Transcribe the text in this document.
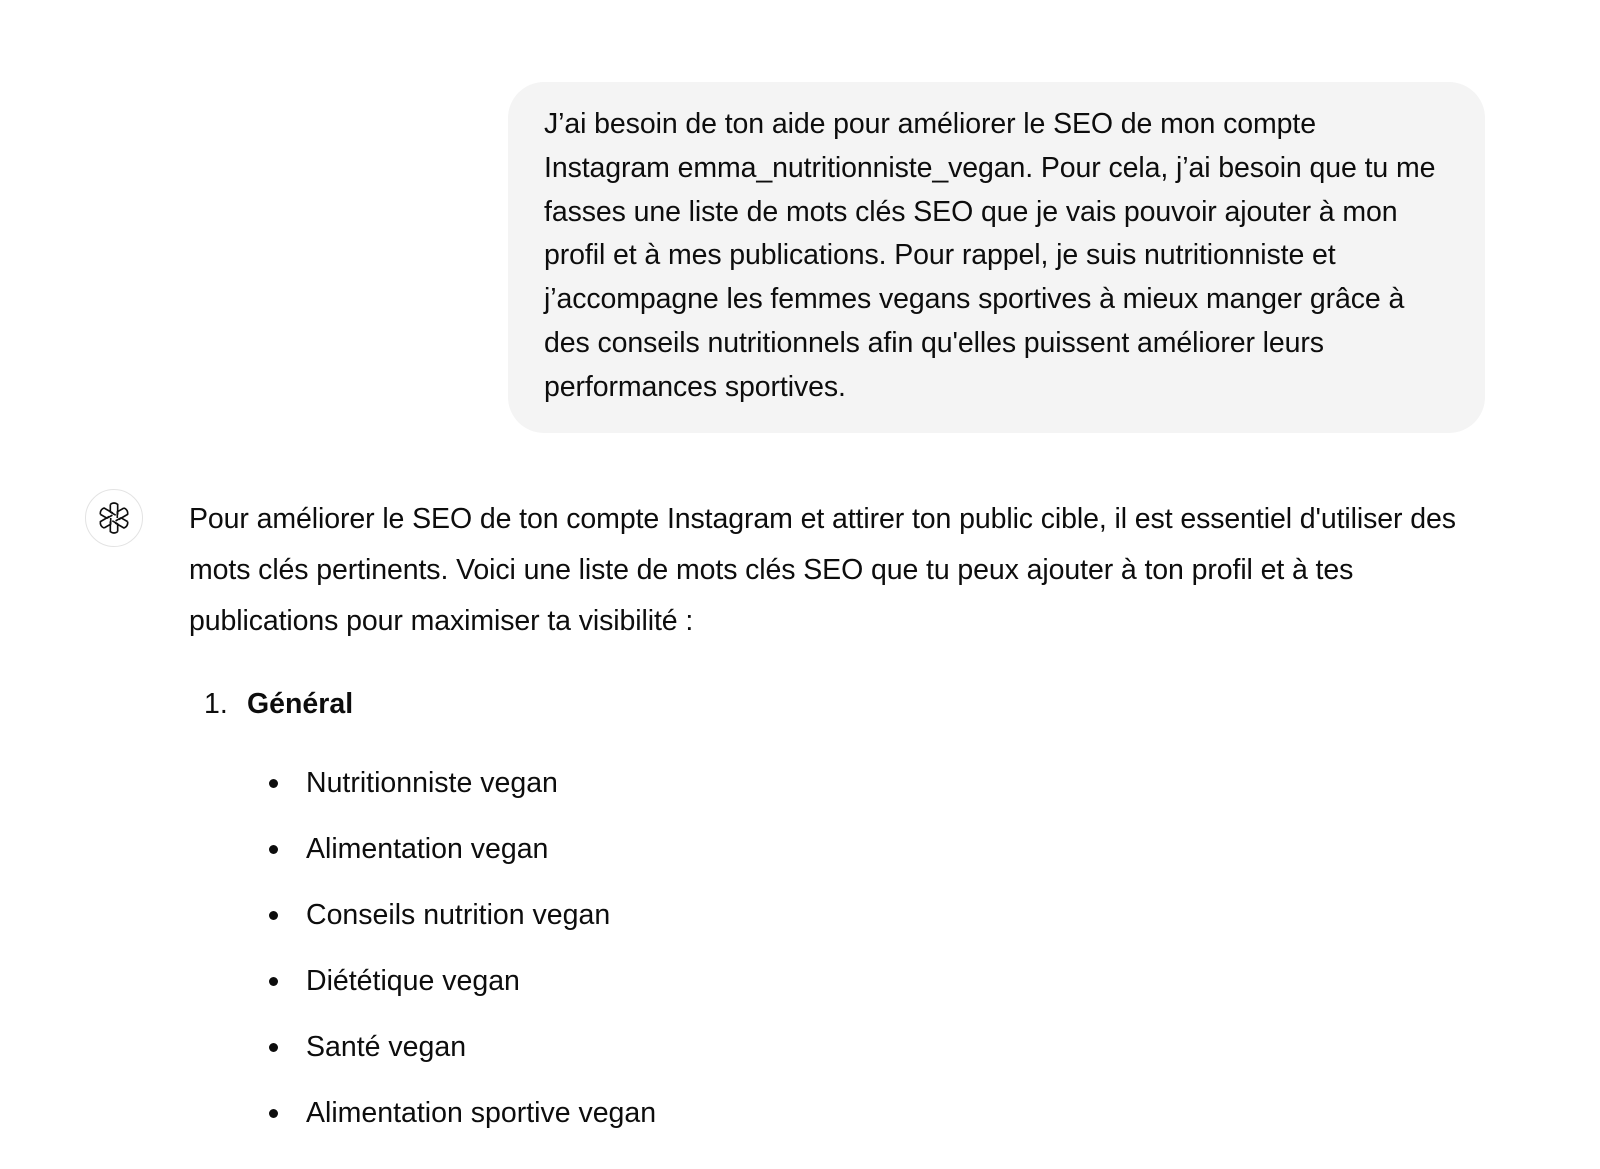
J’ai besoin de ton aide pour améliorer le SEO de mon compte Instagram emma_nutritionniste_vegan. Pour cela, j’ai besoin que tu me fasses une liste de mots clés SEO que je vais pouvoir ajouter à mon profil et à mes publications. Pour rappel, je suis nutritionniste et j’accompagne les femmes vegans sportives à mieux manger grâce à des conseils nutritionnels afin qu'elles puissent améliorer leurs performances sportives.

Pour améliorer le SEO de ton compte Instagram et attirer ton public cible, il est essentiel d'utiliser des mots clés pertinents. Voici une liste de mots clés SEO que tu peux ajouter à ton profil et à tes publications pour maximiser ta visibilité :

1. Général
Nutritionniste vegan
Alimentation vegan
Conseils nutrition vegan
Diététique vegan
Santé vegan
Alimentation sportive vegan
